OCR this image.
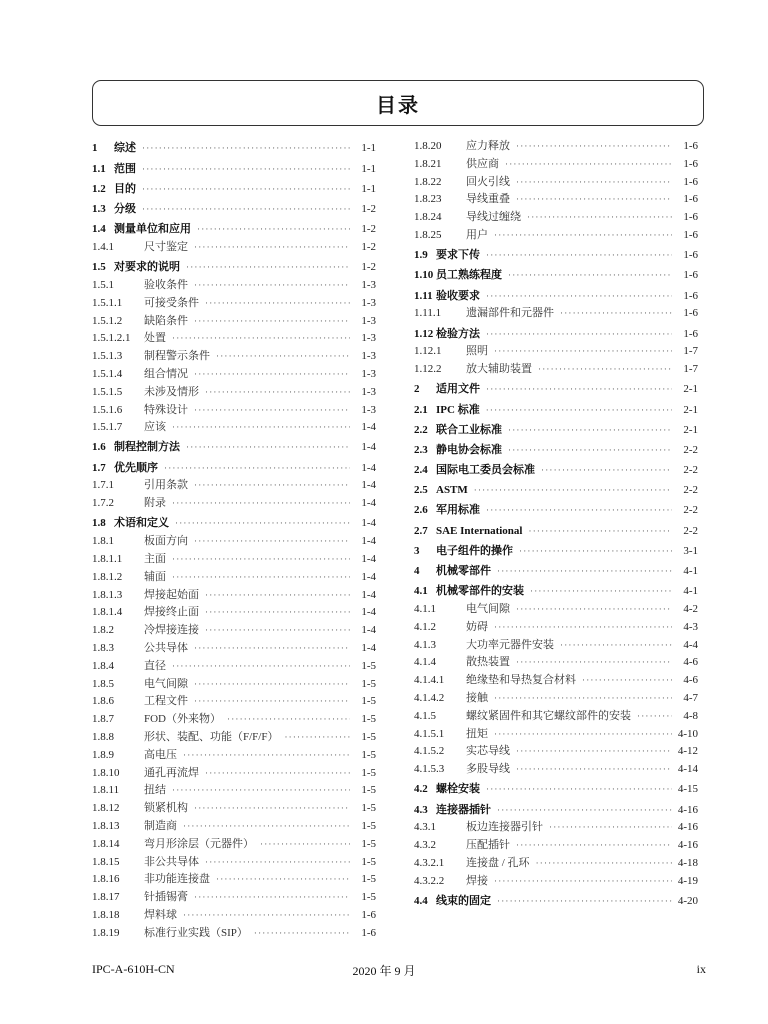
目录
1	综述 ·····	1-1
1.1 范围 ·····	1-1
1.2 目的 ·····	1-1
1.3 分级 ·····	1-2
1.4 测量单位和应用 ·····	1-2
1.4.1	尺寸鉴定 ·····	1-2
1.5 对要求的说明 ·····	1-2
1.5.1	验收条件 ·····	1-3
1.5.1.1	可接受条件 ·····	1-3
1.5.1.2	缺陷条件 ·····	1-3
1.5.1.2.1	处置 ·····	1-3
1.5.1.3	制程警示条件 ·····	1-3
1.5.1.4	组合情况 ·····	1-3
1.5.1.5	未涉及情形 ·····	1-3
1.5.1.6	特殊设计 ·····	1-3
1.5.1.7	应该 ·····	1-4
1.6 制程控制方法 ·····	1-4
1.7 优先顺序 ·····	1-4
1.7.1	引用条款 ·····	1-4
1.7.2	附录 ·····	1-4
1.8 术语和定义 ·····	1-4
1.8.1	板面方向 ·····	1-4
1.8.1.1	主面 ·····	1-4
1.8.1.2	辅面 ·····	1-4
1.8.1.3	焊接起始面 ·····	1-4
1.8.1.4	焊接终止面 ·····	1-4
1.8.2	冷焊接连接 ·····	1-4
1.8.3	公共导体 ·····	1-4
1.8.4	直径 ·····	1-5
1.8.5	电气间隙 ·····	1-5
1.8.6	工程文件 ·····	1-5
1.8.7	FOD（外来物） ·····	1-5
1.8.8	形状、装配、功能（F/F/F） ·····	1-5
1.8.9	高电压 ·····	1-5
1.8.10	通孔再流焊 ·····	1-5
1.8.11	扭结 ·····	1-5
1.8.12	锁紧机构 ·····	1-5
1.8.13	制造商 ·····	1-5
1.8.14	弯月形涂层（元器件） ·····	1-5
1.8.15	非公共导体 ·····	1-5
1.8.16	非功能连接盘 ·····	1-5
1.8.17	针插锡膏 ·····	1-5
1.8.18	焊料球 ·····	1-6
1.8.19	标准行业实践（SIP） ·····	1-6
1.8.20	应力释放 ·····	1-6
1.8.21	供应商 ·····	1-6
1.8.22	回火引线 ·····	1-6
1.8.23	导线重叠 ·····	1-6
1.8.24	导线过缠绕 ·····	1-6
1.8.25	用户 ·····	1-6
1.9 要求下传 ·····	1-6
1.10 员工熟练程度 ·····	1-6
1.11 验收要求 ·····	1-6
1.11.1	遗漏部件和元器件 ·····	1-6
1.12 检验方法 ·····	1-6
1.12.1	照明 ·····	1-7
1.12.2	放大辅助装置 ·····	1-7
2	适用文件 ·····	2-1
2.1 IPC 标准 ·····	2-1
2.2 联合工业标准 ·····	2-1
2.3 静电协会标准 ·····	2-2
2.4 国际电工委员会标准 ·····	2-2
2.5 ASTM ·····	2-2
2.6 军用标准 ·····	2-2
2.7 SAE International ·····	2-2
3	电子组件的操作 ·····	3-1
4	机械零部件 ·····	4-1
4.1 机械零部件的安装 ·····	4-1
4.1.1	电气间隙 ·····	4-2
4.1.2	妨碍 ·····	4-3
4.1.3	大功率元器件安装 ·····	4-4
4.1.4	散热装置 ·····	4-6
4.1.4.1	绝缘垫和导热复合材料 ·····	4-6
4.1.4.2	接触 ·····	4-7
4.1.5	螺纹紧固件和其它螺纹部件的安装 ·····	4-8
4.1.5.1	扭矩 ·····	4-10
4.1.5.2	实芯导线 ·····	4-12
4.1.5.3	多股导线 ·····	4-14
4.2 螺栓安装 ·····	4-15
4.3 连接器插针 ·····	4-16
4.3.1	板边连接器引针 ·····	4-16
4.3.2	压配插针 ·····	4-16
4.3.2.1	连接盘 / 孔环 ·····	4-18
4.3.2.2	焊接 ·····	4-19
4.4 线束的固定 ·····	4-20
IPC-A-610H-CN	2020 年 9 月	ix
